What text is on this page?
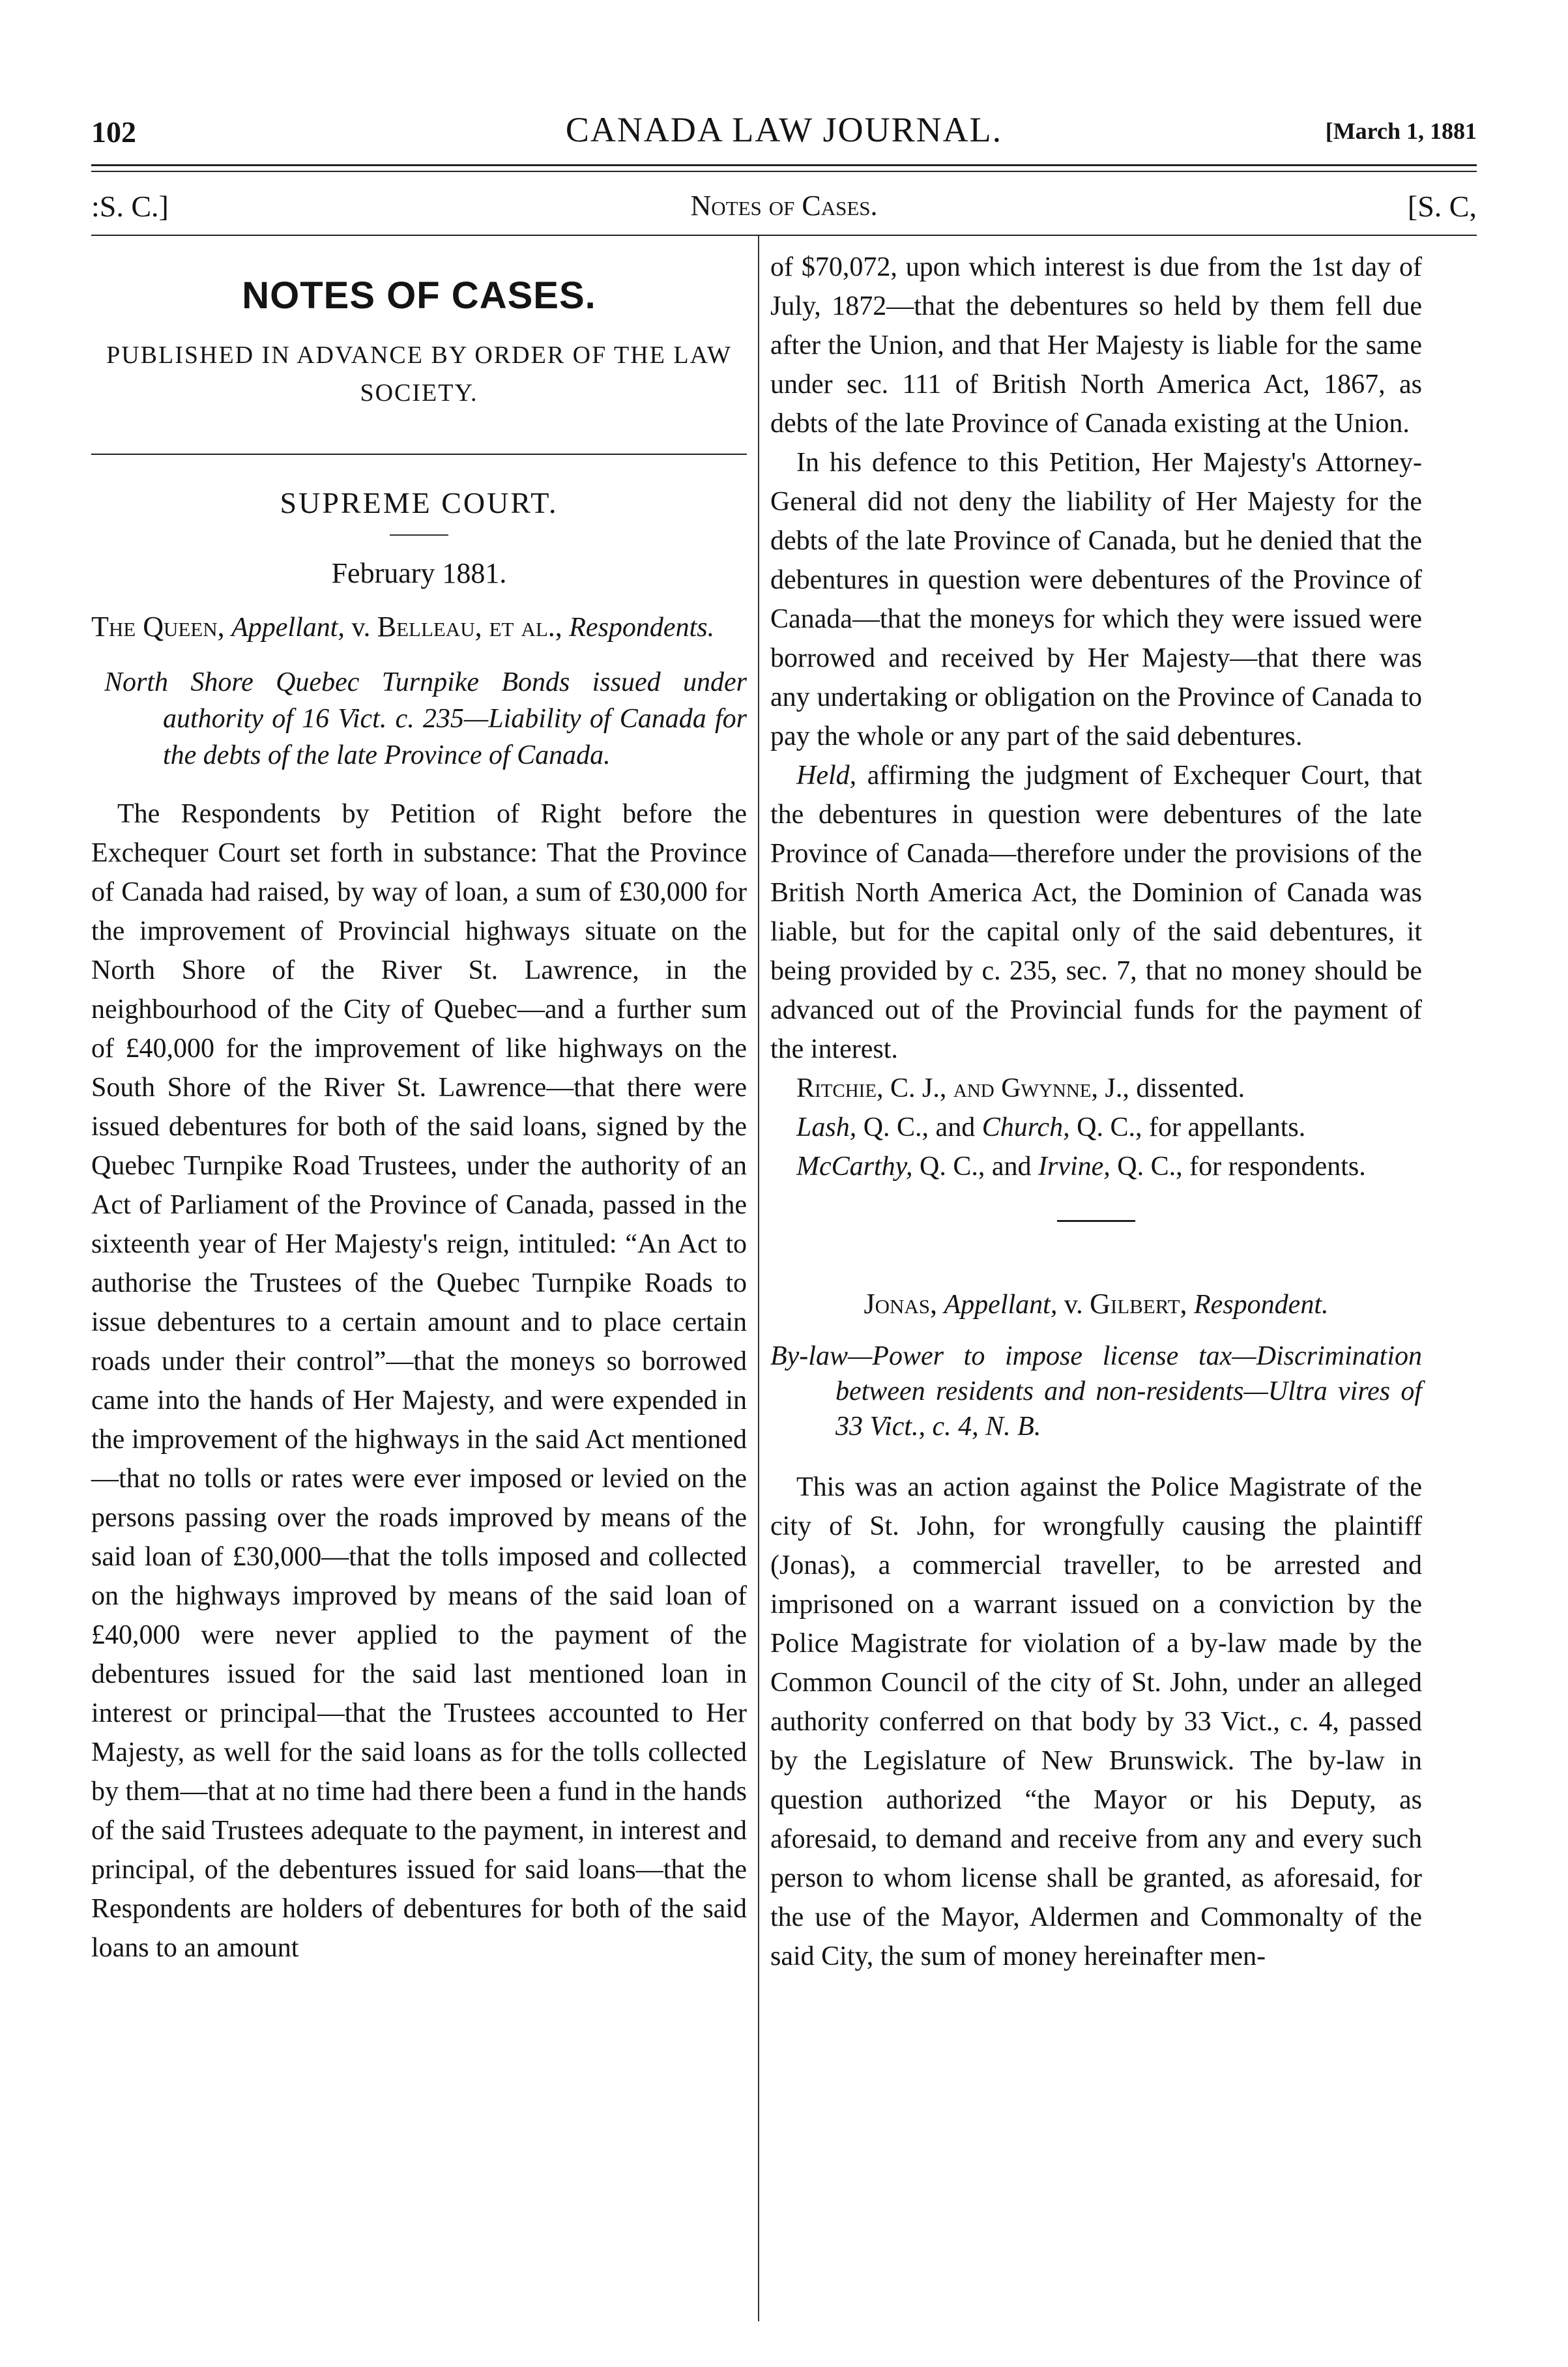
102	CANADA LAW JOURNAL.	[March 1, 1881
:S. C.]	Notes of Cases.	[S. C,
NOTES OF CASES.
PUBLISHED IN ADVANCE BY ORDER OF THE LAW SOCIETY.
SUPREME COURT.
February 1881.
The Queen, Appellant, v. Belleau, et al., Respondents.

North Shore Quebec Turnpike Bonds issued under authority of 16 Vict. c. 235—Liability of Canada for the debts of the late Province of Canada.

The Respondents by Petition of Right before the Exchequer Court set forth in substance: That the Province of Canada had raised, by way of loan, a sum of £30,000 for the improvement of Provincial highways situate on the North Shore of the River St. Lawrence, in the neighbourhood of the City of Quebec—and a further sum of £40,000 for the improvement of like highways on the South Shore of the River St. Lawrence—that there were issued debentures for both of the said loans, signed by the Quebec Turnpike Road Trustees, under the authority of an Act of Parliament of the Province of Canada, passed in the sixteenth year of Her Majesty's reign, intituled: “An Act to authorise the Trustees of the Quebec Turnpike Roads to issue debentures to a certain amount and to place certain roads under their control”—that the moneys so borrowed came into the hands of Her Majesty, and were expended in the improvement of the highways in the said Act mentioned—that no tolls or rates were ever imposed or levied on the persons passing over the roads improved by means of the said loan of £30,000—that the tolls imposed and collected on the highways improved by means of the said loan of £40,000 were never applied to the payment of the debentures issued for the said last mentioned loan in interest or principal—that the Trustees accounted to Her Majesty, as well for the said loans as for the tolls collected by them—that at no time had there been a fund in the hands of the said Trustees adequate to the payment, in interest and principal, of the debentures issued for said loans—that the Respondents are holders of debentures for both of the said loans to an amount

of $70,072, upon which interest is due from the 1st day of July, 1872—that the debentures so held by them fell due after the Union, and that Her Majesty is liable for the same under sec. 111 of British North America Act, 1867, as debts of the late Province of Canada existing at the Union.

In his defence to this Petition, Her Majesty's Attorney-General did not deny the liability of Her Majesty for the debts of the late Province of Canada, but he denied that the debentures in question were debentures of the Province of Canada—that the moneys for which they were issued were borrowed and received by Her Majesty—that there was any undertaking or obligation on the Province of Canada to pay the whole or any part of the said debentures.

Held, affirming the judgment of Exchequer Court, that the debentures in question were debentures of the late Province of Canada—therefore under the provisions of the British North America Act, the Dominion of Canada was liable, but for the capital only of the said debentures, it being provided by c. 235, sec. 7, that no money should be advanced out of the Provincial funds for the payment of the interest.

Ritchie, C. J., and Gwynne, J., dissented.

Lash, Q. C., and Church, Q. C., for appellants.

McCarthy, Q. C., and Irvine, Q. C., for respondents.

Jonas, Appellant, v. Gilbert, Respondent.

By-law—Power to impose license tax—Discrimination between residents and non-residents—Ultra vires of 33 Vict., c. 4, N. B.

This was an action against the Police Magistrate of the city of St. John, for wrongfully causing the plaintiff (Jonas), a commercial traveller, to be arrested and imprisoned on a warrant issued on a conviction by the Police Magistrate for violation of a by-law made by the Common Council of the city of St. John, under an alleged authority conferred on that body by 33 Vict., c. 4, passed by the Legislature of New Brunswick. The by-law in question authorized “the Mayor or his Deputy, as aforesaid, to demand and receive from any and every such person to whom license shall be granted, as aforesaid, for the use of the Mayor, Aldermen and Commonalty of the said City, the sum of money hereinafter men-
